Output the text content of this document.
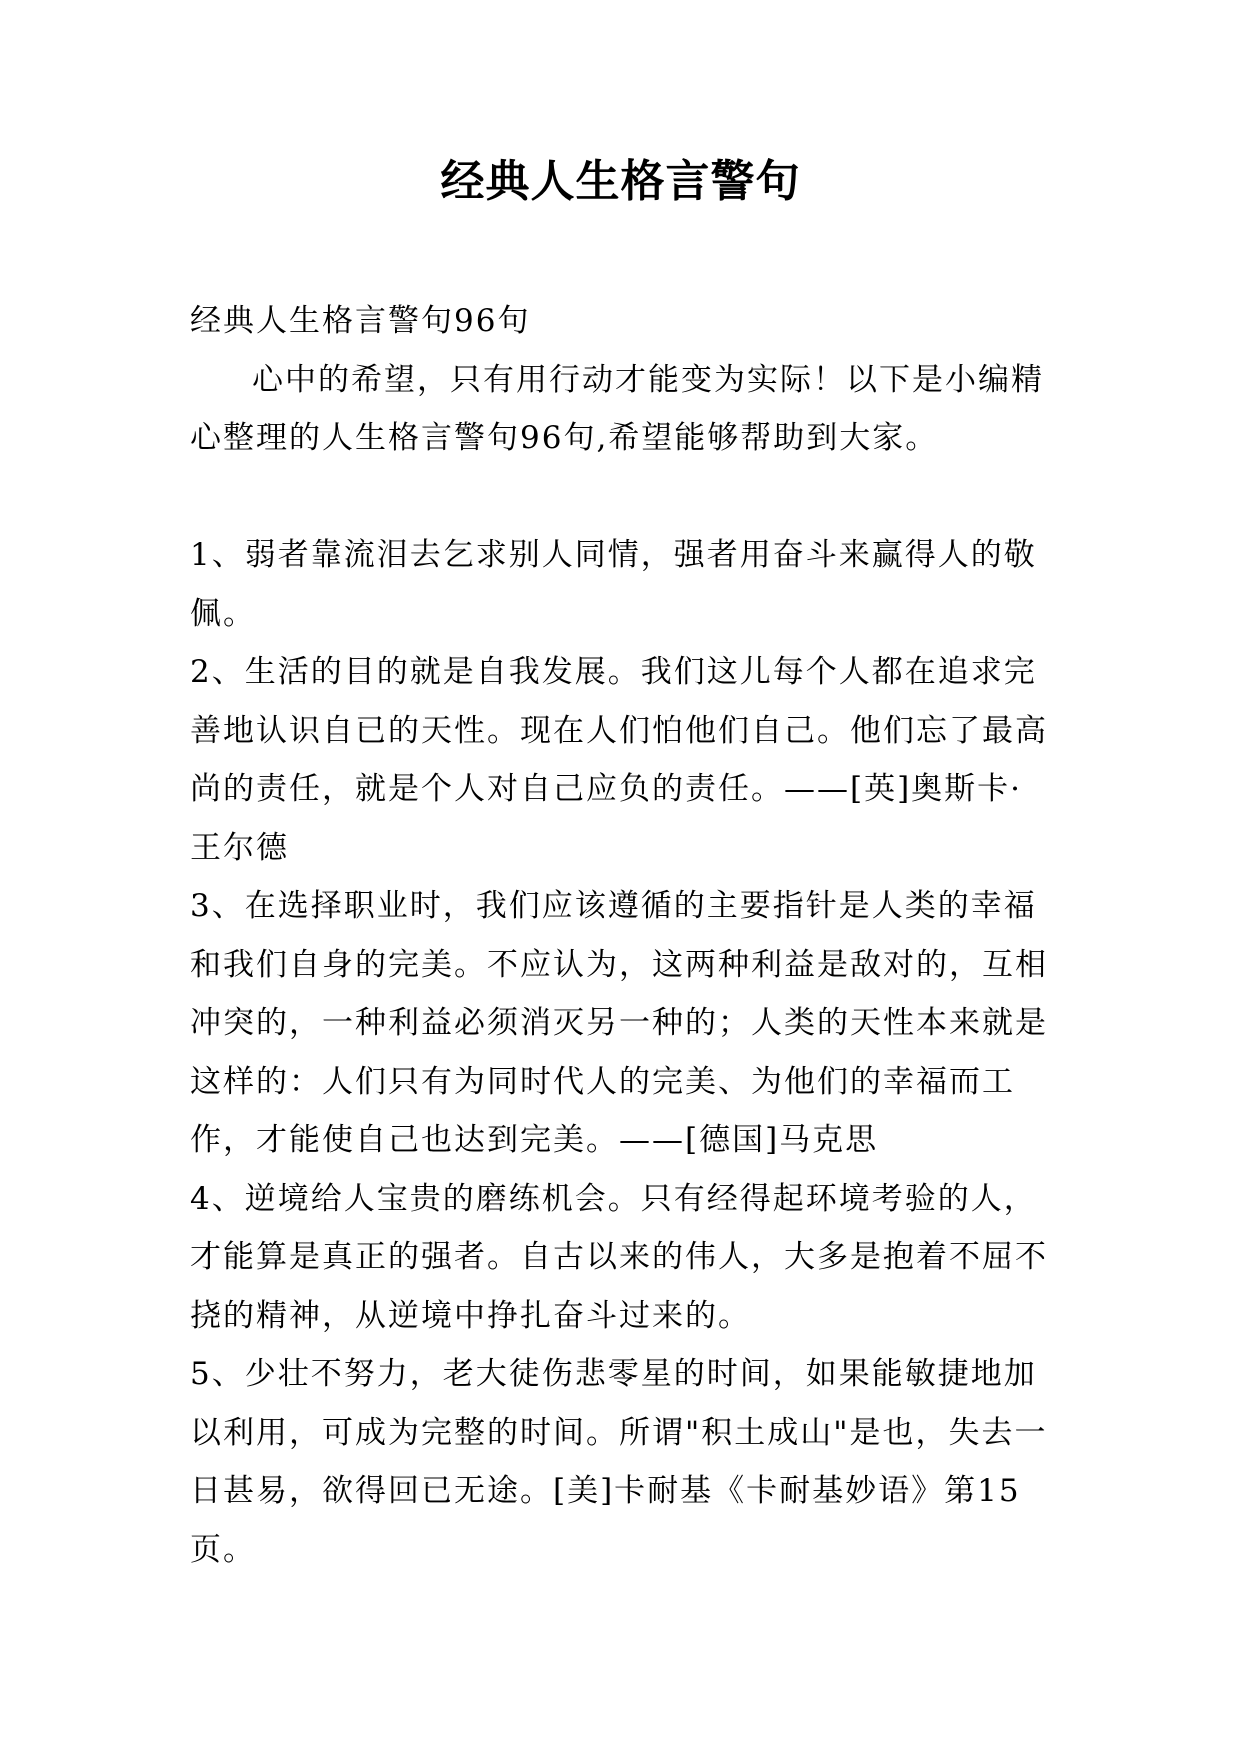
经典人生格言警句

经典人生格言警句96句

心中的希望，只有用行动才能变为实际！以下是小编精心整理的人生格言警句96句,希望能够帮助到大家。

1、弱者靠流泪去乞求别人同情，强者用奋斗来赢得人的敬佩。

2、生活的目的就是自我发展。我们这儿每个人都在追求完善地认识自已的天性。现在人们怕他们自己。他们忘了最高尚的责任，就是个人对自己应负的责任。——[英]奥斯卡·王尔德

3、在选择职业时，我们应该遵循的主要指针是人类的幸福和我们自身的完美。不应认为，这两种利益是敌对的，互相冲突的，一种利益必须消灭另一种的；人类的天性本来就是这样的：人们只有为同时代人的完美、为他们的幸福而工作，才能使自己也达到完美。——[德国]马克思

4、逆境给人宝贵的磨练机会。只有经得起环境考验的人，才能算是真正的强者。自古以来的伟人，大多是抱着不屈不挠的精神，从逆境中挣扎奋斗过来的。

5、少壮不努力，老大徒伤悲零星的时间，如果能敏捷地加以利用，可成为完整的时间。所谓"积土成山"是也，失去一日甚易，欲得回已无途。[美]卡耐基《卡耐基妙语》第15页。
